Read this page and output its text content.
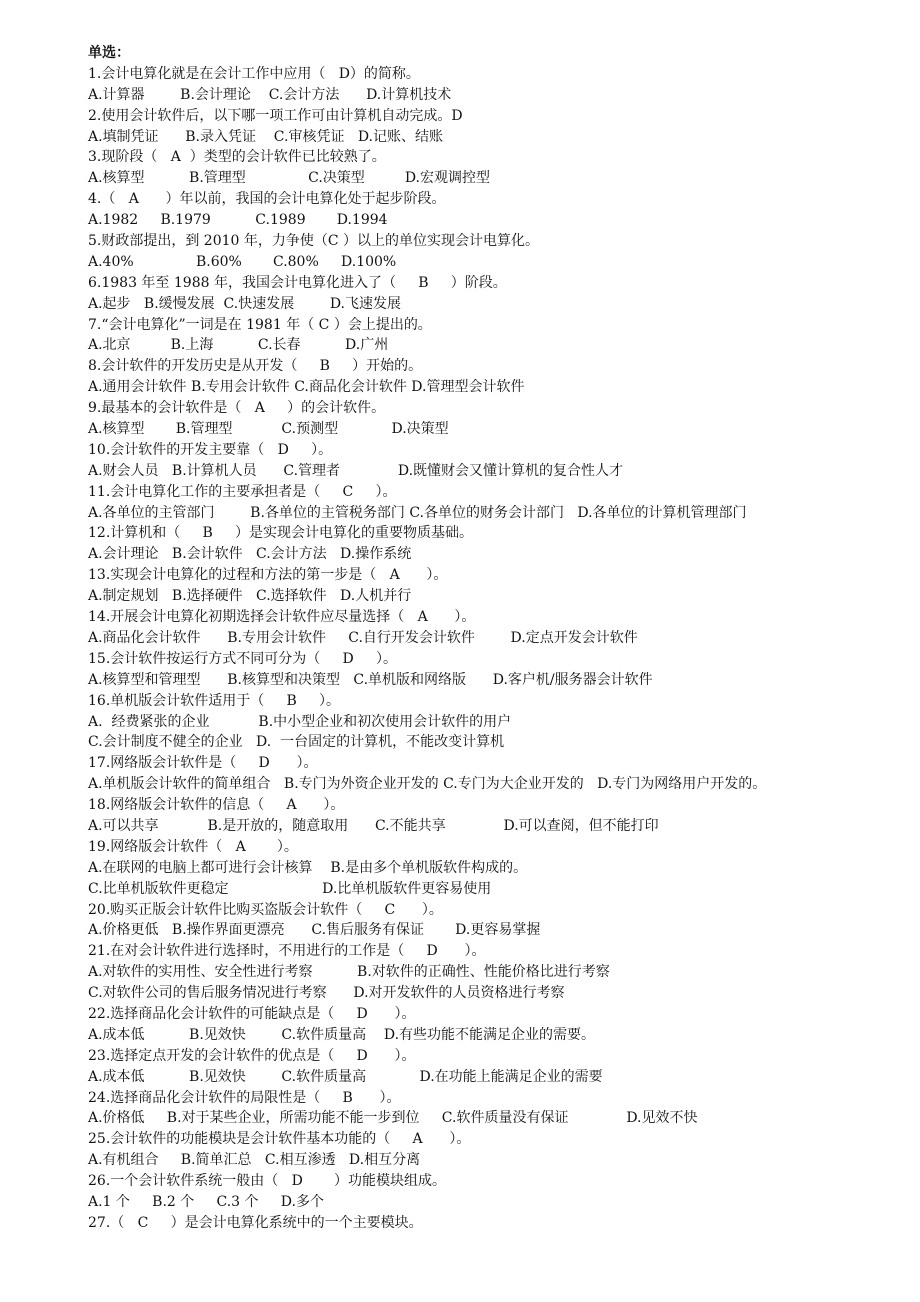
单选：
1.会计电算化就是在会计工作中应用（   D）的简称。
A.计算器        B.会计理论    C.会计方法      D.计算机技术
2.使用会计软件后，以下哪一项工作可由计算机自动完成。D
A.填制凭证      B.录入凭证    C.审核凭证   D.记账、结账
3.现阶段（   A  ）类型的会计软件已比较熟了。
A.核算型          B.管理型              C.决策型         D.宏观调控型
4.（   A      ）年以前，我国的会计电算化处于起步阶段。
A.1982     B.1979          C.1989       D.1994
5.财政部提出，到 2010 年，力争使（C ）以上的单位实现会计电算化。
A.40%              B.60%       C.80%     D.100%
6.1983 年至 1988 年，我国会计电算化进入了（     B     ）阶段。
A.起步   B.缓慢发展  C.快速发展        D.飞速发展
7.“会计电算化”一词是在 1981 年（ C ）会上提出的。
A.北京         B.上海          C.长春          D.广州
8.会计软件的开发历史是从开发（     B     ）开始的。
A.通用会计软件 B.专用会计软件 C.商品化会计软件 D.管理型会计软件
9.最基本的会计软件是（   A     ）的会计软件。
A.核算型       B.管理型           C.预测型            D.决策型
10.会计软件的开发主要靠（   D     ）。
A.财会人员   B.计算机人员      C.管理者             D.既懂财会又懂计算机的复合性人才
11.会计电算化工作的主要承担者是（     C     ）。
A.各单位的主管部门        B.各单位的主管税务部门 C.各单位的财务会计部门   D.各单位的计算机管理部门
12.计算机和（     B     ）是实现会计电算化的重要物质基础。
A.会计理论   B.会计软件   C.会计方法   D.操作系统
13.实现会计电算化的过程和方法的第一步是（   A      ）。
A.制定规划   B.选择硬件   C.选择软件   D.人机并行
14.开展会计电算化初期选择会计软件应尽量选择（   A      ）。
A.商品化会计软件      B.专用会计软件     C.自行开发会计软件        D.定点开发会计软件
15.会计软件按运行方式不同可分为（     D     ）。
A.核算型和管理型      B.核算型和决策型   C.单机版和网络版      D.客户机/服务器会计软件
16.单机版会计软件适用于（     B     ）。
A.  经费紧张的企业           B.中小型企业和初次使用会计软件的用户
C.会计制度不健全的企业   D.  一台固定的计算机，不能改变计算机
17.网络版会计软件是（     D      ）。
A.单机版会计软件的简单组合   B.专门为外资企业开发的 C.专门为大企业开发的   D.专门为网络用户开发的。
18.网络版会计软件的信息（     A      ）。
A.可以共享           B.是开放的，随意取用      C.不能共享             D.可以查阅，但不能打印
19.网络版会计软件（   A       ）。
A.在联网的电脑上都可进行会计核算    B.是由多个单机版软件构成的。
C.比单机版软件更稳定                     D.比单机版软件更容易使用
20.购买正版会计软件比购买盗版会计软件（     C      ）。
A.价格更低   B.操作界面更漂亮      C.售后服务有保证       D.更容易掌握
21.在对会计软件进行选择时，不用进行的工作是（     D      ）。
A.对软件的实用性、安全性进行考察          B.对软件的正确性、性能价格比进行考察
C.对软件公司的售后服务情况进行考察      D.对开发软件的人员资格进行考察
22.选择商品化会计软件的可能缺点是（     D      ）。
A.成本低          B.见效快        C.软件质量高    D.有些功能不能满足企业的需要。
23.选择定点开发的会计软件的优点是（     D      ）。
A.成本低          B.见效快        C.软件质量高            D.在功能上能满足企业的需要
24.选择商品化会计软件的局限性是（     B      ）。
A.价格低     B.对于某些企业，所需功能不能一步到位     C.软件质量没有保证             D.见效不快
25.会计软件的功能模块是会计软件基本功能的（     A      ）。
A.有机组合     B.简单汇总   C.相互渗透   D.相互分离
26.一个会计软件系统一般由（   D       ）功能模块组成。
A.1 个     B.2 个     C.3 个     D.多个
27.（   C     ）是会计电算化系统中的一个主要模块。
